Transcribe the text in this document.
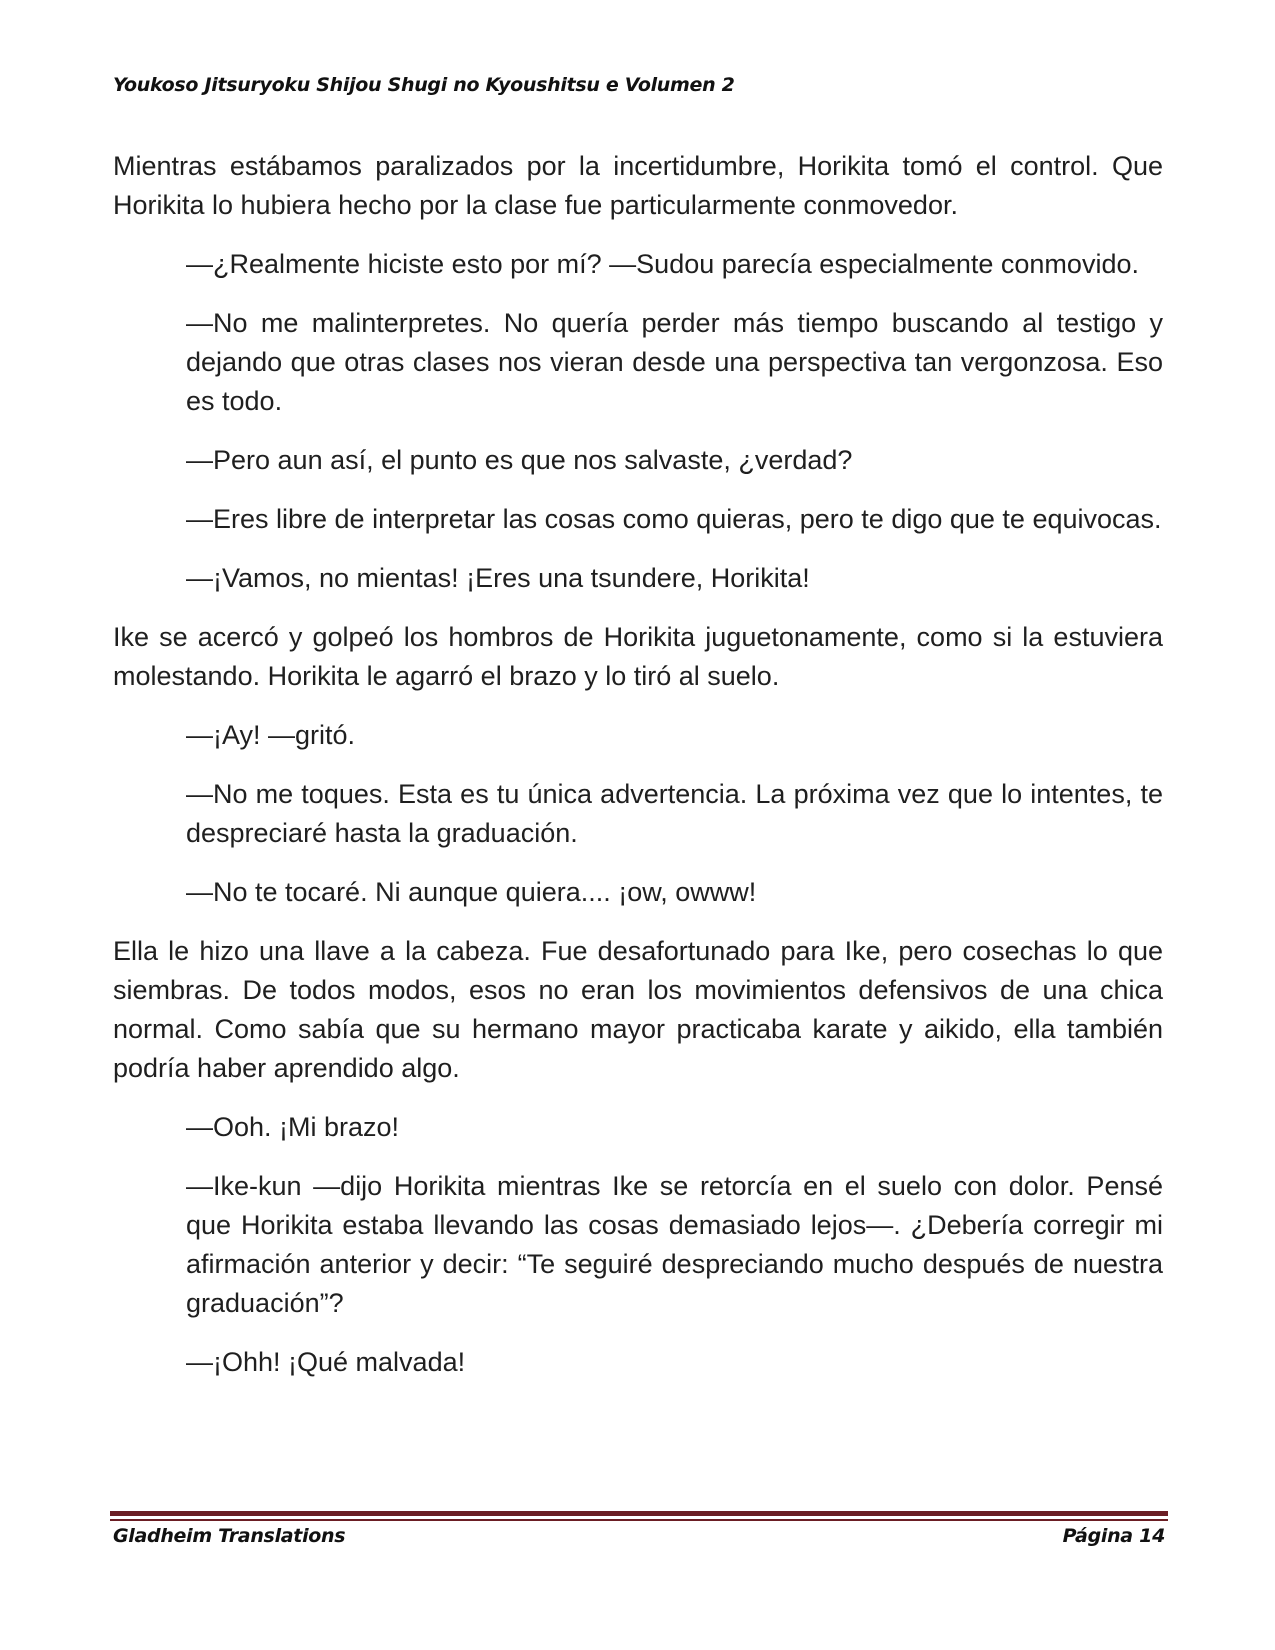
Youkoso Jitsuryoku Shijou Shugi no Kyoushitsu e Volumen 2

Mientras estábamos paralizados por la incertidumbre, Horikita tomó el control. Que Horikita lo hubiera hecho por la clase fue particularmente conmovedor.

—¿Realmente hiciste esto por mí? —Sudou parecía especialmente conmovido.

—No me malinterpretes. No quería perder más tiempo buscando al testigo y dejando que otras clases nos vieran desde una perspectiva tan vergonzosa. Eso es todo.

—Pero aun así, el punto es que nos salvaste, ¿verdad?

—Eres libre de interpretar las cosas como quieras, pero te digo que te equivocas.

—¡Vamos, no mientas! ¡Eres una tsundere, Horikita!

Ike se acercó y golpeó los hombros de Horikita juguetonamente, como si la estuviera molestando. Horikita le agarró el brazo y lo tiró al suelo.

—¡Ay! —gritó.

—No me toques. Esta es tu única advertencia. La próxima vez que lo intentes, te despreciaré hasta la graduación.

—No te tocaré. Ni aunque quiera.... ¡ow, owww!

Ella le hizo una llave a la cabeza. Fue desafortunado para Ike, pero cosechas lo que siembras. De todos modos, esos no eran los movimientos defensivos de una chica normal. Como sabía que su hermano mayor practicaba karate y aikido, ella también podría haber aprendido algo.

—Ooh. ¡Mi brazo!

—Ike-kun —dijo Horikita mientras Ike se retorcía en el suelo con dolor. Pensé que Horikita estaba llevando las cosas demasiado lejos—. ¿Debería corregir mi afirmación anterior y decir: “Te seguiré despreciando mucho después de nuestra graduación”?

—¡Ohh! ¡Qué malvada!

Gladheim Translations	Página 14
